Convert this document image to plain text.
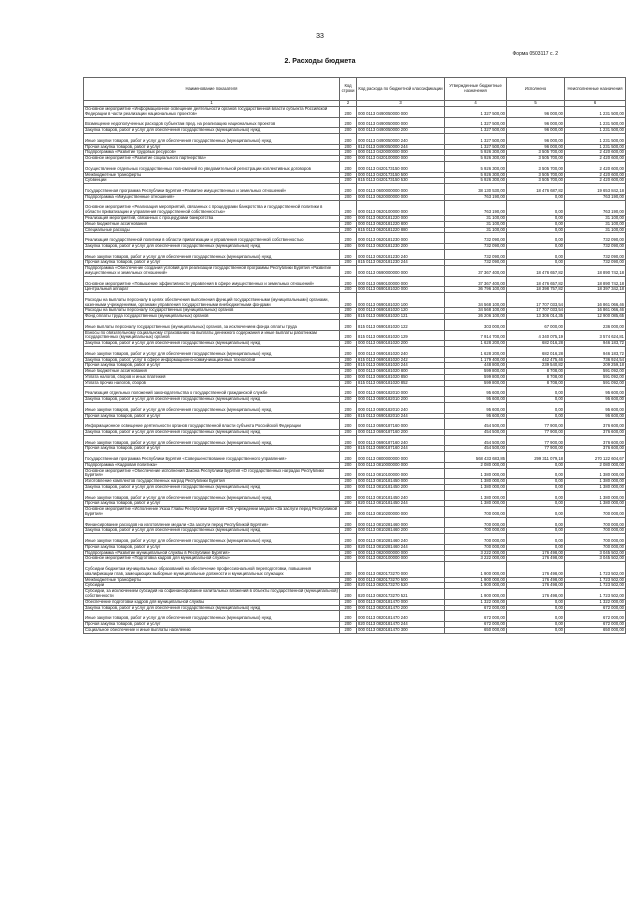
33
Форма 0503117 с. 2
2. Расходы бюджета
Наименование показателя	Код строки	Код расхода по бюджетной классификации	Утвержденные бюджетные назначения	Исполнено	Неисполненные назначения
1	2	3	4	5	6
Основное мероприятие «Информационное освещение деятельности органов государственной власти субъекта Российской Федерации в части реализации национальных проектов»	200	000 0113 0490050000 000	1 327 500,00	96 000,00	1 231 500,00
Возмещение недополученных расходов субъектам пред. на реализацию национальных проектов	200	000 0113 0490050000 000	1 327 500,00	96 000,00	1 231 500,00
Закупка товаров, работ и услуг для обеспечения государственных (муниципальных) нужд	200	000 0113 0490050000 200	1 327 500,00	96 000,00	1 231 500,00
Иные закупки товаров, работ и услуг для обеспечения государственных (муниципальных) нужд	200	000 0113 0490050000 240	1 327 500,00	96 000,00	1 231 500,00
Прочая закупка товаров, работ и услуг	200	812 0113 0490050000 244	1 327 500,00	96 000,00	1 231 500,00
Подпрограмма «Развитие трудовых ресурсов»	200	000 0113 0420000000 000	5 926 300,00	3 505 700,00	2 420 600,00
Основное мероприятие «Развитие социального партнерства»	200	000 0113 0420100000 000	5 926 300,00	3 505 700,00	2 420 600,00
Осуществление отдельных государственных полномочий по уведомительной регистрации коллективных договоров	200	000 0113 0420173150 000	5 926 300,00	3 505 700,00	2 420 600,00
Межбюджетные трансферты	200	000 0113 0420173150 500	5 926 300,00	3 505 700,00	2 420 600,00
Субвенции	200	815 0113 0420173150 530	5 926 300,00	3 505 700,00	2 420 600,00
Государственная программа Республики Бурятия «Развитие имущественных и земельных отношений»	200	000 0113 0600000000 000	38 130 530,00	18 476 687,82	19 653 842,18
Подпрограмма «Имущественные отношения»	200	000 0113 0620000000 000	763 190,00	0,00	763 190,00
Основное мероприятие «Реализация мероприятий, связанных с процедурами банкротства и государственной политики в области приватизации и управления государственной собственностью»	200	000 0113 0620100000 000	763 190,00	0,00	763 190,00
Реализация мероприятий, связанных с процедурами банкротства	200	000 0113 0620181220 000	31 100,00	0,00	31 100,00
Иные бюджетные ассигнования	200	000 0113 0620181220 800	31 100,00	0,00	31 100,00
Специальные расходы	200	815 0113 0620181220 880	31 100,00	0,00	31 100,00
Реализация государственной политики в области приватизации и управления государственной собственностью	200	000 0113 0620181230 000	732 090,00	0,00	732 090,00
Закупка товаров, работ и услуг для обеспечения государственных (муниципальных) нужд	200	000 0113 0620181230 200	732 090,00	0,00	732 090,00
Иные закупки товаров, работ и услуг для обеспечения государственных (муниципальных) нужд	200	000 0113 0620181230 240	732 090,00	0,00	732 090,00
Прочая закупка товаров, работ и услуг	200	815 0113 0620181230 244	732 090,00	0,00	732 090,00
Подпрограмма «Обеспечение создания условий для реализации государственной программы Республики Бурятия «Развитие имущественных и земельных отношений»	200	000 0113 0690000000 000	37 367 400,00	18 476 657,82	18 890 742,18
Основное мероприятие «Повышение эффективности управления в сфере имущественных и земельных отношений»	200	000 0113 0690100000 000	37 367 400,00	18 476 657,82	18 890 742,18
Центральный аппарат	200	000 0113 0690181020 000	36 796 100,00	18 398 757,82	18 397 342,18
Расходы на выплаты персоналу в целях обеспечения выполнения функций государственными (муниципальными) органами, казенными учреждениями, органами управления государственными внебюджетными фондами	200	000 0113 0690181020 100	34 568 100,00	17 707 033,54	16 861 066,46
Расходы на выплаты персоналу государственных (муниципальных) органов	200	000 0113 0690181020 120	34 568 100,00	17 707 033,54	16 861 066,46
Фонд оплаты труда государственных (муниципальных) органов	200	815 0113 0690181020 121	26 206 100,00	13 306 014,35	12 900 085,65
Иные выплаты персоналу государственных (муниципальных) органов, за исключением фонда оплаты труда	200	815 0113 0690181020 122	303 000,00	67 000,00	236 000,00
Взносы по обязательному социальному страхованию на выплаты денежного содержания и иные выплаты работникам государственных (муниципальных) органов	200	815 0113 0690181020 129	7 914 700,00	4 340 075,19	3 574 624,81
Закупка товаров, работ и услуг для обеспечения государственных (муниципальных) нужд	200	000 0113 0690181020 200	1 628 200,00	682 016,28	946 183,72
Иные закупки товаров, работ и услуг для обеспечения государственных (муниципальных) нужд	200	000 0113 0690181020 240	1 628 200,00	682 016,28	946 183,72
Закупка товаров, работ, услуг в сфере информационно-коммуникационных технологий	200	815 0113 0690181020 242	1 179 400,00	442 475,46	736 924,54
Прочая закупка товаров, работ и услуг	200	815 0113 0690181020 244	448 800,00	239 540,82	209 259,18
Иные бюджетные ассигнования	200	000 0113 0690181020 800	599 800,00	8 708,00	591 092,00
Уплата налогов, сборов и иных платежей	200	000 0113 0690181020 850	599 800,00	8 708,00	591 092,00
Уплата прочих налогов, сборов	200	815 0113 0690181020 852	599 800,00	8 708,00	591 092,00
Реализация отдельных положений законодательства о государственной гражданской службе	200	000 0113 0690182010 000	95 600,00	0,00	95 600,00
Закупка товаров, работ и услуг для обеспечения государственных (муниципальных) нужд	200	000 0113 0690182010 200	95 600,00	0,00	95 600,00
Иные закупки товаров, работ и услуг для обеспечения государственных (муниципальных) нужд	200	000 0113 0690182010 240	95 600,00	0,00	95 600,00
Прочая закупка товаров, работ и услуг	200	815 0113 0690182010 244	95 600,00	0,00	95 600,00
Информационное освещение деятельности органов государственной власти субъекта Российской Федерации	200	000 0113 0690187160 000	454 500,00	77 900,00	376 600,00
Закупка товаров, работ и услуг для обеспечения государственных (муниципальных) нужд	200	000 0113 0690187160 200	454 500,00	77 900,00	376 600,00
Иные закупки товаров, работ и услуг для обеспечения государственных (муниципальных) нужд	200	000 0113 0690187160 240	454 500,00	77 900,00	376 600,00
Прочая закупка товаров, работ и услуг	200	815 0113 0690187160 244	454 500,00	77 900,00	376 600,00
Государственная программа Республики Бурятия «Совершенствование государственного управления»	200	000 0113 0800000000 000	568 433 683,85	299 311 079,18	270 122 604,67
Подпрограмма «Кадровая политика»	200	000 0113 0810000000 000	2 080 000,00	0,00	2 080 000,00
Основное мероприятие «Обеспечение исполнения Закона Республики Бурятия «О государственных наградах Республики Бурятия»	200	000 0113 0810100000 000	1 380 000,00	0,00	1 380 000,00
Изготовление комплектов государственных наград Республики Бурятия	200	000 0113 0810181450 000	1 380 000,00	0,00	1 380 000,00
Закупка товаров, работ и услуг для обеспечения государственных (муниципальных) нужд	200	000 0113 0810181450 200	1 380 000,00	0,00	1 380 000,00
Иные закупки товаров, работ и услуг для обеспечения государственных (муниципальных) нужд	200	000 0113 0810181450 240	1 380 000,00	0,00	1 380 000,00
Прочая закупка товаров, работ и услуг	200	820 0113 0810181450 244	1 380 000,00	0,00	1 380 000,00
Основное мероприятие «Исполнение Указа Главы Республики Бурятия «Об учреждении медали «За заслуги перед Республикой Бурятия»	200	000 0113 0810200000 000	700 000,00	0,00	700 000,00
Финансирование расходов на изготовление медали «За заслуги перед Республикой Бурятия»	200	000 0113 0810281460 000	700 000,00	0,00	700 000,00
Закупка товаров, работ и услуг для обеспечения государственных (муниципальных) нужд	200	000 0113 0810281460 200	700 000,00	0,00	700 000,00
Иные закупки товаров, работ и услуг для обеспечения государственных (муниципальных) нужд	200	000 0113 0810281460 240	700 000,00	0,00	700 000,00
Прочая закупка товаров, работ и услуг	200	820 0113 0810281460 244	700 000,00	0,00	700 000,00
Подпрограмма «Развитие муниципальной службы в Республике Бурятия»	200	000 0113 0820000000 000	3 222 000,00	176 498,00	3 045 502,00
Основное мероприятие «Подготовка кадров для муниципальной службы»	200	000 0113 0820100000 000	3 222 000,00	176 498,00	3 045 502,00
Субсидии бюджетам муниципальных образований на обеспечение профессиональной переподготовки, повышения квалификации глав, замещающих выборные муниципальные должности и муниципальных служащих	200	000 0113 0820173270 000	1 900 000,00	176 498,00	1 723 502,00
Межбюджетные трансферты	200	000 0113 0820173270 500	1 900 000,00	176 498,00	1 723 502,00
Субсидии	200	820 0113 0820173270 520	1 900 000,00	176 498,00	1 723 502,00
Субсидии, за исключением субсидий на софинансирование капитальных вложений в объекты государственной (муниципальной) собственности	200	820 0113 0820173270 521	1 900 000,00	176 498,00	1 723 502,00
Обеспечение подготовки кадров для муниципальной службы	200	000 0113 0820181470 000	1 322 000,00	0,00	1 322 000,00
Закупка товаров, работ и услуг для обеспечения государственных (муниципальных) нужд	200	000 0113 0820181470 200	672 000,00	0,00	672 000,00
Иные закупки товаров, работ и услуг для обеспечения государственных (муниципальных) нужд	200	000 0113 0820181470 240	672 000,00	0,00	672 000,00
Прочая закупка товаров, работ и услуг	200	820 0113 0820181470 244	672 000,00	0,00	672 000,00
Социальное обеспечение и иные выплаты населению	200	000 0113 0820181470 300	650 000,00	0,00	650 000,00
